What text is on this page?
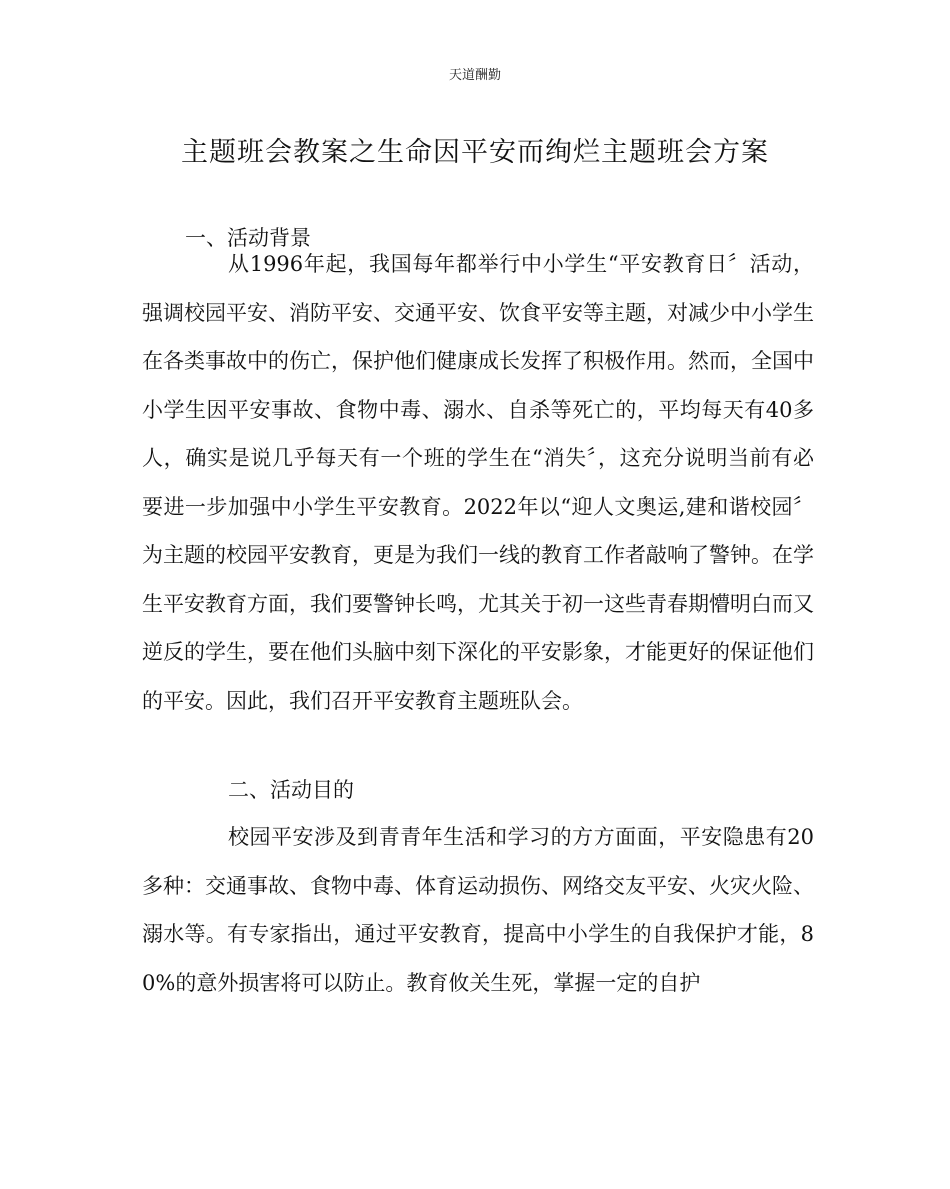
天道酬勤
主题班会教案之生命因平安而绚烂主题班会方案
一、活动背景
从1996年起，我国每年都举行中小学生“平安教育日〞活动，强调校园平安、消防平安、交通平安、饮食平安等主题，对减少中小学生在各类事故中的伤亡，保护他们健康成长发挥了积极作用。然而，全国中小学生因平安事故、食物中毒、溺水、自杀等死亡的，平均每天有40多人，确实是说几乎每天有一个班的学生在“消失〞，这充分说明当前有必要进一步加强中小学生平安教育。2022年以“迎人文奥运,建和谐校园〞为主题的校园平安教育，更是为我们一线的教育工作者敲响了警钟。在学生平安教育方面，我们要警钟长鸣，尤其关于初一这些青春期懵明白而又逆反的学生，要在他们头脑中刻下深化的平安影象，才能更好的保证他们的平安。因此，我们召开平安教育主题班队会。
二、活动目的
校园平安涉及到青青年生活和学习的方方面面，平安隐患有20多种：交通事故、食物中毒、体育运动损伤、网络交友平安、火灾火险、溺水等。有专家指出，通过平安教育，提高中小学生的自我保护才能，80%的意外损害将可以防止。教育攸关生死，掌握一定的自护
